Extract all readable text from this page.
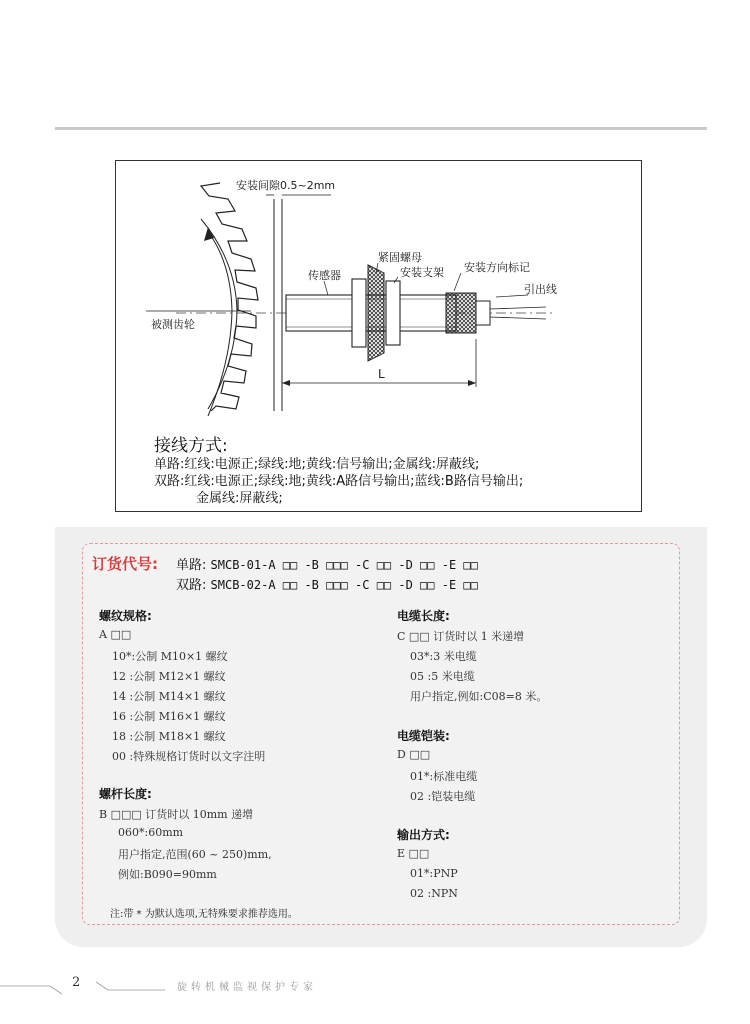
安装间隙0.5~2mm
紧固螺母
安装支架
传感器
安装方向标记
引出线
被测齿轮
L
接线方式:
单路:红线:电源正;绿线:地;黄线:信号输出;金属线:屏蔽线;
双路:红线:电源正;绿线:地;黄线:A路信号输出;蓝线:B路信号输出;
金属线:屏蔽线;
订货代号: 单路: SMCB-01-A □□ -B □□□ -C □□ -D □□ -E □□
双路: SMCB-02-A □□ -B □□□ -C □□ -D □□ -E □□
螺纹规格:
A □□
10*:公制 M10×1 螺纹
12 :公制 M12×1 螺纹
14 :公制 M14×1 螺纹
16 :公制 M16×1 螺纹
18 :公制 M18×1 螺纹
00 :特殊规格订货时以文字注明
螺杆长度:
B □□□ 订货时以 10mm 递增
060*:60mm
用户指定,范围(60 ~ 250)mm,
例如:B090=90mm
注:带 * 为默认选项,无特殊要求推荐选用。
电缆长度:
C □□ 订货时以 1 米递增
03*:3 米电缆
05 :5 米电缆
用户指定,例如:C08=8 米。
电缆铠装:
D □□
01*:标准电缆
02 :铠装电缆
输出方式:
E □□
01*:PNP
02 :NPN
2	旋转机械监视保护专家
